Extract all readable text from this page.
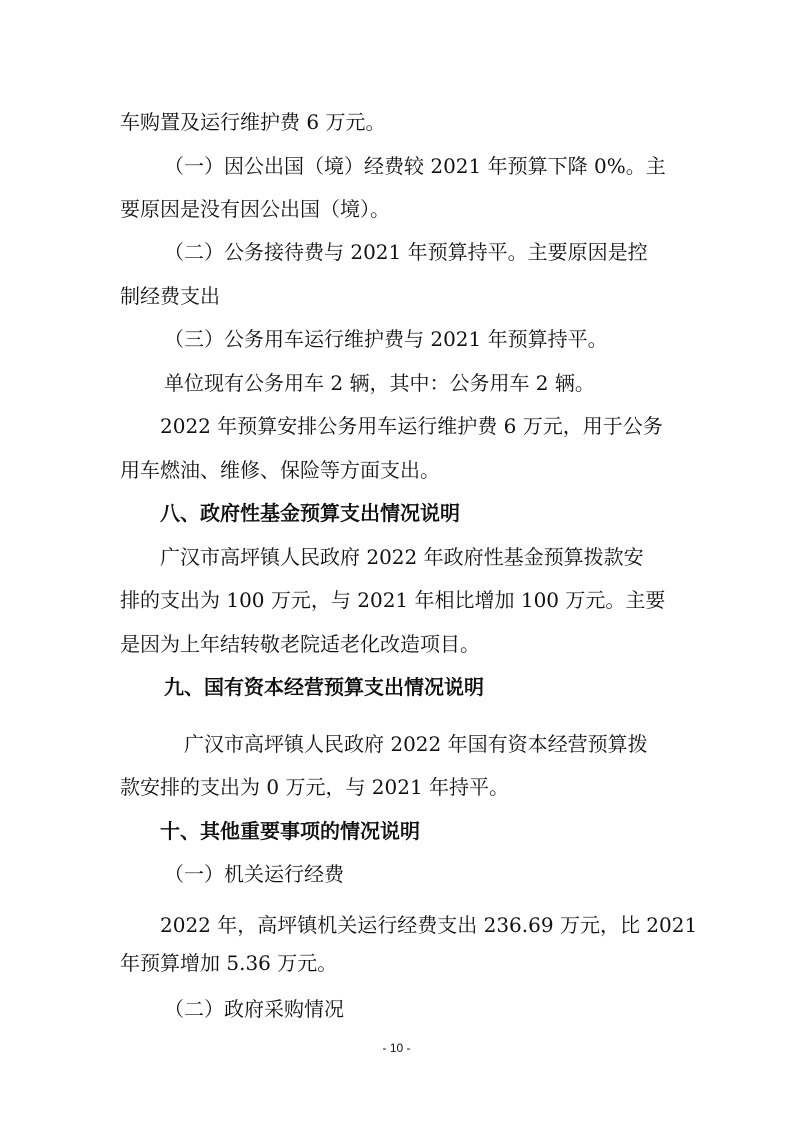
车购置及运行维护费 6 万元。
（一）因公出国（境）经费较 2021 年预算下降 0%。主
要原因是没有因公出国（境）。
（二）公务接待费与 2021 年预算持平。主要原因是控
制经费支出
（三）公务用车运行维护费与 2021 年预算持平。
单位现有公务用车 2 辆，其中：公务用车 2 辆。
2022 年预算安排公务用车运行维护费 6 万元，用于公务
用车燃油、维修、保险等方面支出。
八、政府性基金预算支出情况说明
广汉市高坪镇人民政府 2022 年政府性基金预算拨款安
排的支出为 100 万元，与 2021 年相比增加 100 万元。主要
是因为上年结转敬老院适老化改造项目。
九、国有资本经营预算支出情况说明
广汉市高坪镇人民政府 2022 年国有资本经营预算拨
款安排的支出为 0 万元，与 2021 年持平。
十、其他重要事项的情况说明
（一）机关运行经费
2022 年，高坪镇机关运行经费支出 236.69 万元，比 2021
年预算增加 5.36 万元。
（二）政府采购情况
- 10 -
